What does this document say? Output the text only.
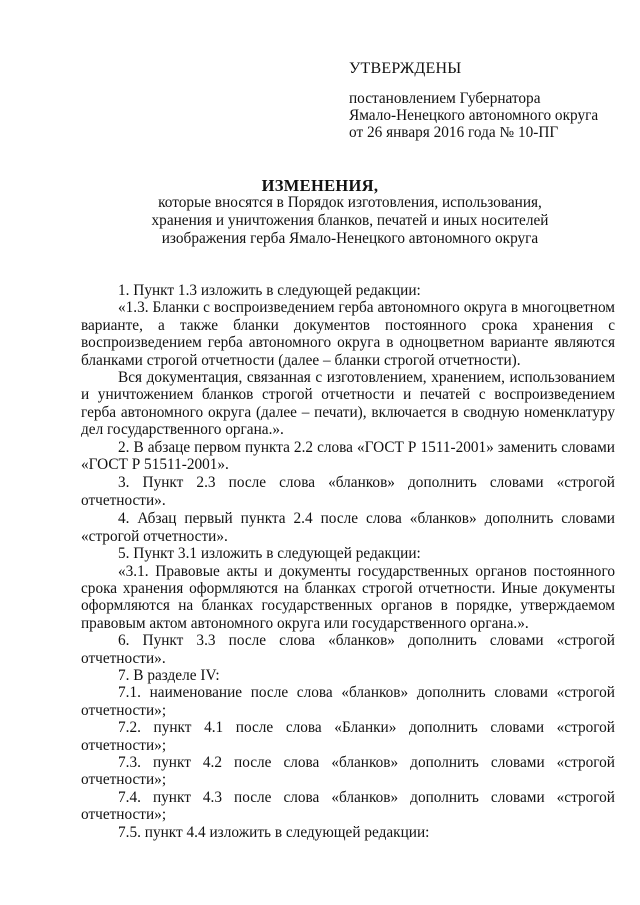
УТВЕРЖДЕНЫ
постановлением Губернатора
Ямало-Ненецкого автономного округа
от 26 января 2016 года № 10-ПГ
ИЗМЕНЕНИЯ,
которые вносятся в Порядок изготовления, использования,
хранения и уничтожения бланков, печатей и иных носителей
изображения герба Ямало-Ненецкого автономного округа

1. Пункт 1.3 изложить в следующей редакции:

«1.3. Бланки с воспроизведением герба автономного округа в многоцветном варианте, а также бланки документов постоянного срока хранения с воспроизведением герба автономного округа в одноцветном варианте являются бланками строгой отчетности (далее – бланки строгой отчетности).

Вся документация, связанная с изготовлением, хранением, использованием и уничтожением бланков строгой отчетности и печатей с воспроизведением герба автономного округа (далее – печати), включается в сводную номенклатуру дел государственного органа.».

2. В абзаце первом пункта 2.2 слова «ГОСТ Р 1511-2001» заменить словами «ГОСТ Р 51511-2001».

3. Пункт 2.3 после слова «бланков» дополнить словами «строгой отчетности».

4. Абзац первый пункта 2.4 после слова «бланков» дополнить словами «строгой отчетности».

5. Пункт 3.1 изложить в следующей редакции:

«3.1. Правовые акты и документы государственных органов постоянного срока хранения оформляются на бланках строгой отчетности. Иные документы оформляются на бланках государственных органов в порядке, утверждаемом правовым актом автономного округа или государственного органа.».

6. Пункт 3.3 после слова «бланков» дополнить словами «строгой отчетности».

7. В разделе IV:

7.1. наименование после слова «бланков» дополнить словами «строгой отчетности»;

7.2. пункт 4.1 после слова «Бланки» дополнить словами «строгой отчетности»;

7.3. пункт 4.2 после слова «бланков» дополнить словами «строгой отчетности»;

7.4. пункт 4.3 после слова «бланков» дополнить словами «строгой отчетности»;

7.5. пункт 4.4 изложить в следующей редакции:
